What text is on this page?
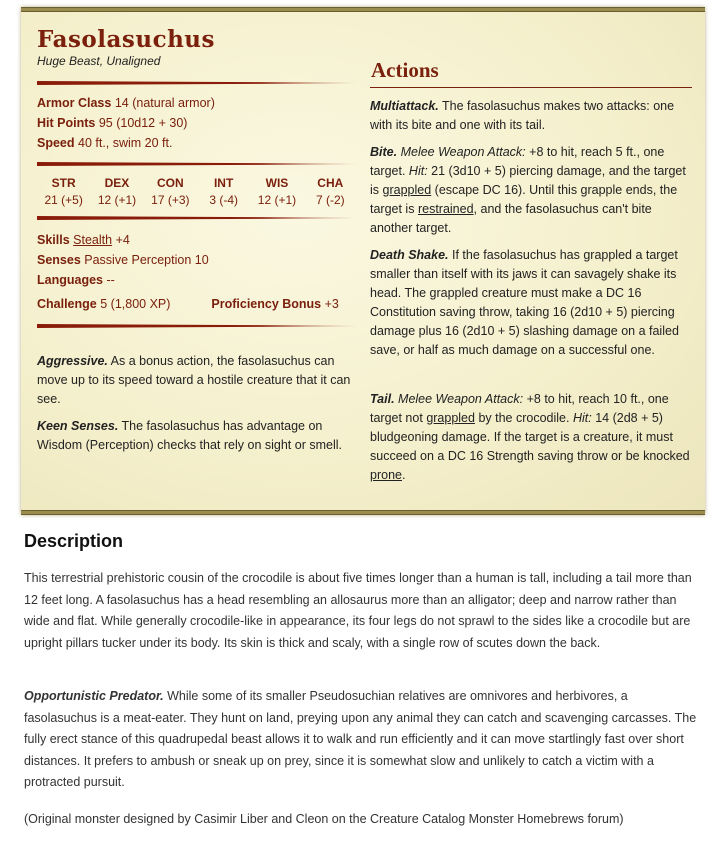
Fasolasuchus
Huge Beast, Unaligned
Armor Class 14 (natural armor)
Hit Points 95 (10d12 + 30)
Speed 40 ft., swim 20 ft.
STR
21 (+5)
DEX
12 (+1)
CON
17 (+3)
INT
3 (-4)
WIS
12 (+1)
CHA
7 (-2)
Skills Stealth +4
Senses Passive Perception 10
Languages --
Challenge 5 (1,800 XP)	Proficiency Bonus +3
Aggressive. As a bonus action, the fasolasuchus can move up to its speed toward a hostile creature that it can see.
Keen Senses. The fasolasuchus has advantage on Wisdom (Perception) checks that rely on sight or smell.
Actions
Multiattack. The fasolasuchus makes two attacks: one with its bite and one with its tail.
Bite. Melee Weapon Attack: +8 to hit, reach 5 ft., one target. Hit: 21 (3d10 + 5) piercing damage, and the target is grappled (escape DC 16). Until this grapple ends, the target is restrained, and the fasolasuchus can't bite another target.
Death Shake. If the fasolasuchus has grappled a target smaller than itself with its jaws it can savagely shake its head. The grappled creature must make a DC 16 Constitution saving throw, taking 16 (2d10 + 5) piercing damage plus 16 (2d10 + 5) slashing damage on a failed save, or half as much damage on a successful one.
Tail. Melee Weapon Attack: +8 to hit, reach 10 ft., one target not grappled by the crocodile. Hit: 14 (2d8 + 5) bludgeoning damage. If the target is a creature, it must succeed on a DC 16 Strength saving throw or be knocked prone.
Description

This terrestrial prehistoric cousin of the crocodile is about five times longer than a human is tall, including a tail more than 12 feet long. A fasolasuchus has a head resembling an allosaurus more than an alligator; deep and narrow rather than wide and flat. While generally crocodile-like in appearance, its four legs do not sprawl to the sides like a crocodile but are upright pillars tucker under its body. Its skin is thick and scaly, with a single row of scutes down the back.

Opportunistic Predator. While some of its smaller Pseudosuchian relatives are omnivores and herbivores, a fasolasuchus is a meat-eater. They hunt on land, preying upon any animal they can catch and scavenging carcasses. The fully erect stance of this quadrupedal beast allows it to walk and run efficiently and it can move startlingly fast over short distances. It prefers to ambush or sneak up on prey, since it is somewhat slow and unlikely to catch a victim with a protracted pursuit.

(Original monster designed by Casimir Liber and Cleon on the Creature Catalog Monster Homebrews forum)
